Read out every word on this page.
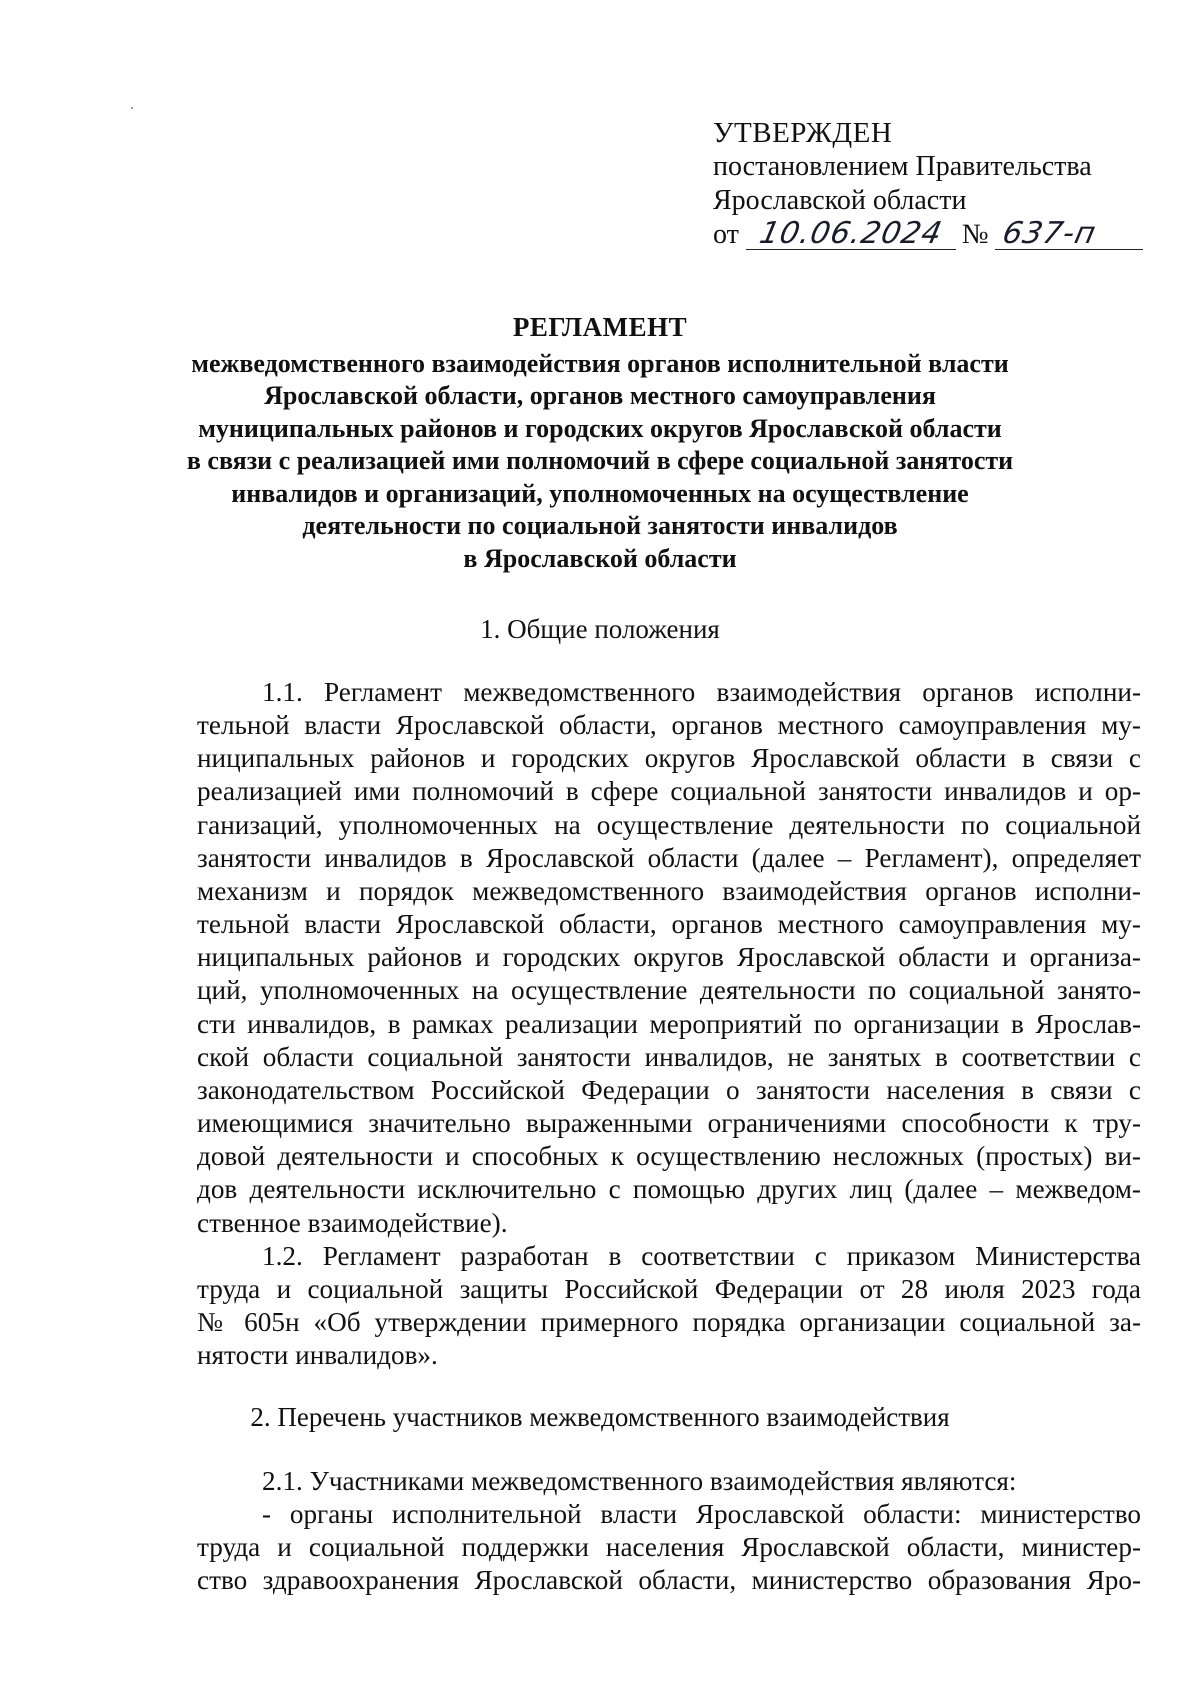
УТВЕРЖДЕН
постановлением Правительства
Ярославской области
от 10.06.2024 № 637-п
РЕГЛАМЕНТ
межведомственного взаимодействия органов исполнительной власти
Ярославской области, органов местного самоуправления
муниципальных районов и городских округов Ярославской области
в связи с реализацией ими полномочий в сфере социальной занятости
инвалидов и организаций, уполномоченных на осуществление
деятельности по социальной занятости инвалидов
в Ярославской области
1. Общие положения
1.1. Регламент межведомственного взаимодействия органов исполни-
тельной власти Ярославской области, органов местного самоуправления му-
ниципальных районов и городских округов Ярославской области в связи с
реализацией ими полномочий в сфере социальной занятости инвалидов и ор-
ганизаций, уполномоченных на осуществление деятельности по социальной
занятости инвалидов в Ярославской области (далее – Регламент), определяет
механизм и порядок межведомственного взаимодействия органов исполни-
тельной власти Ярославской области, органов местного самоуправления му-
ниципальных районов и городских округов Ярославской области и организа-
ций, уполномоченных на осуществление деятельности по социальной занято-
сти инвалидов, в рамках реализации мероприятий по организации в Ярослав-
ской области социальной занятости инвалидов, не занятых в соответствии с
законодательством Российской Федерации о занятости населения в связи с
имеющимися значительно выраженными ограничениями способности к тру-
довой деятельности и способных к осуществлению несложных (простых) ви-
дов деятельности исключительно с помощью других лиц (далее – межведом-
ственное взаимодействие).
1.2. Регламент разработан в соответствии с приказом Министерства
труда и социальной защиты Российской Федерации от 28 июля 2023 года
№ 605н «Об утверждении примерного порядка организации социальной за-
нятости инвалидов».
2. Перечень участников межведомственного взаимодействия
2.1. Участниками межведомственного взаимодействия являются:
- органы исполнительной власти Ярославской области: министерство
труда и социальной поддержки населения Ярославской области, министер-
ство здравоохранения Ярославской области, министерство образования Яро-
